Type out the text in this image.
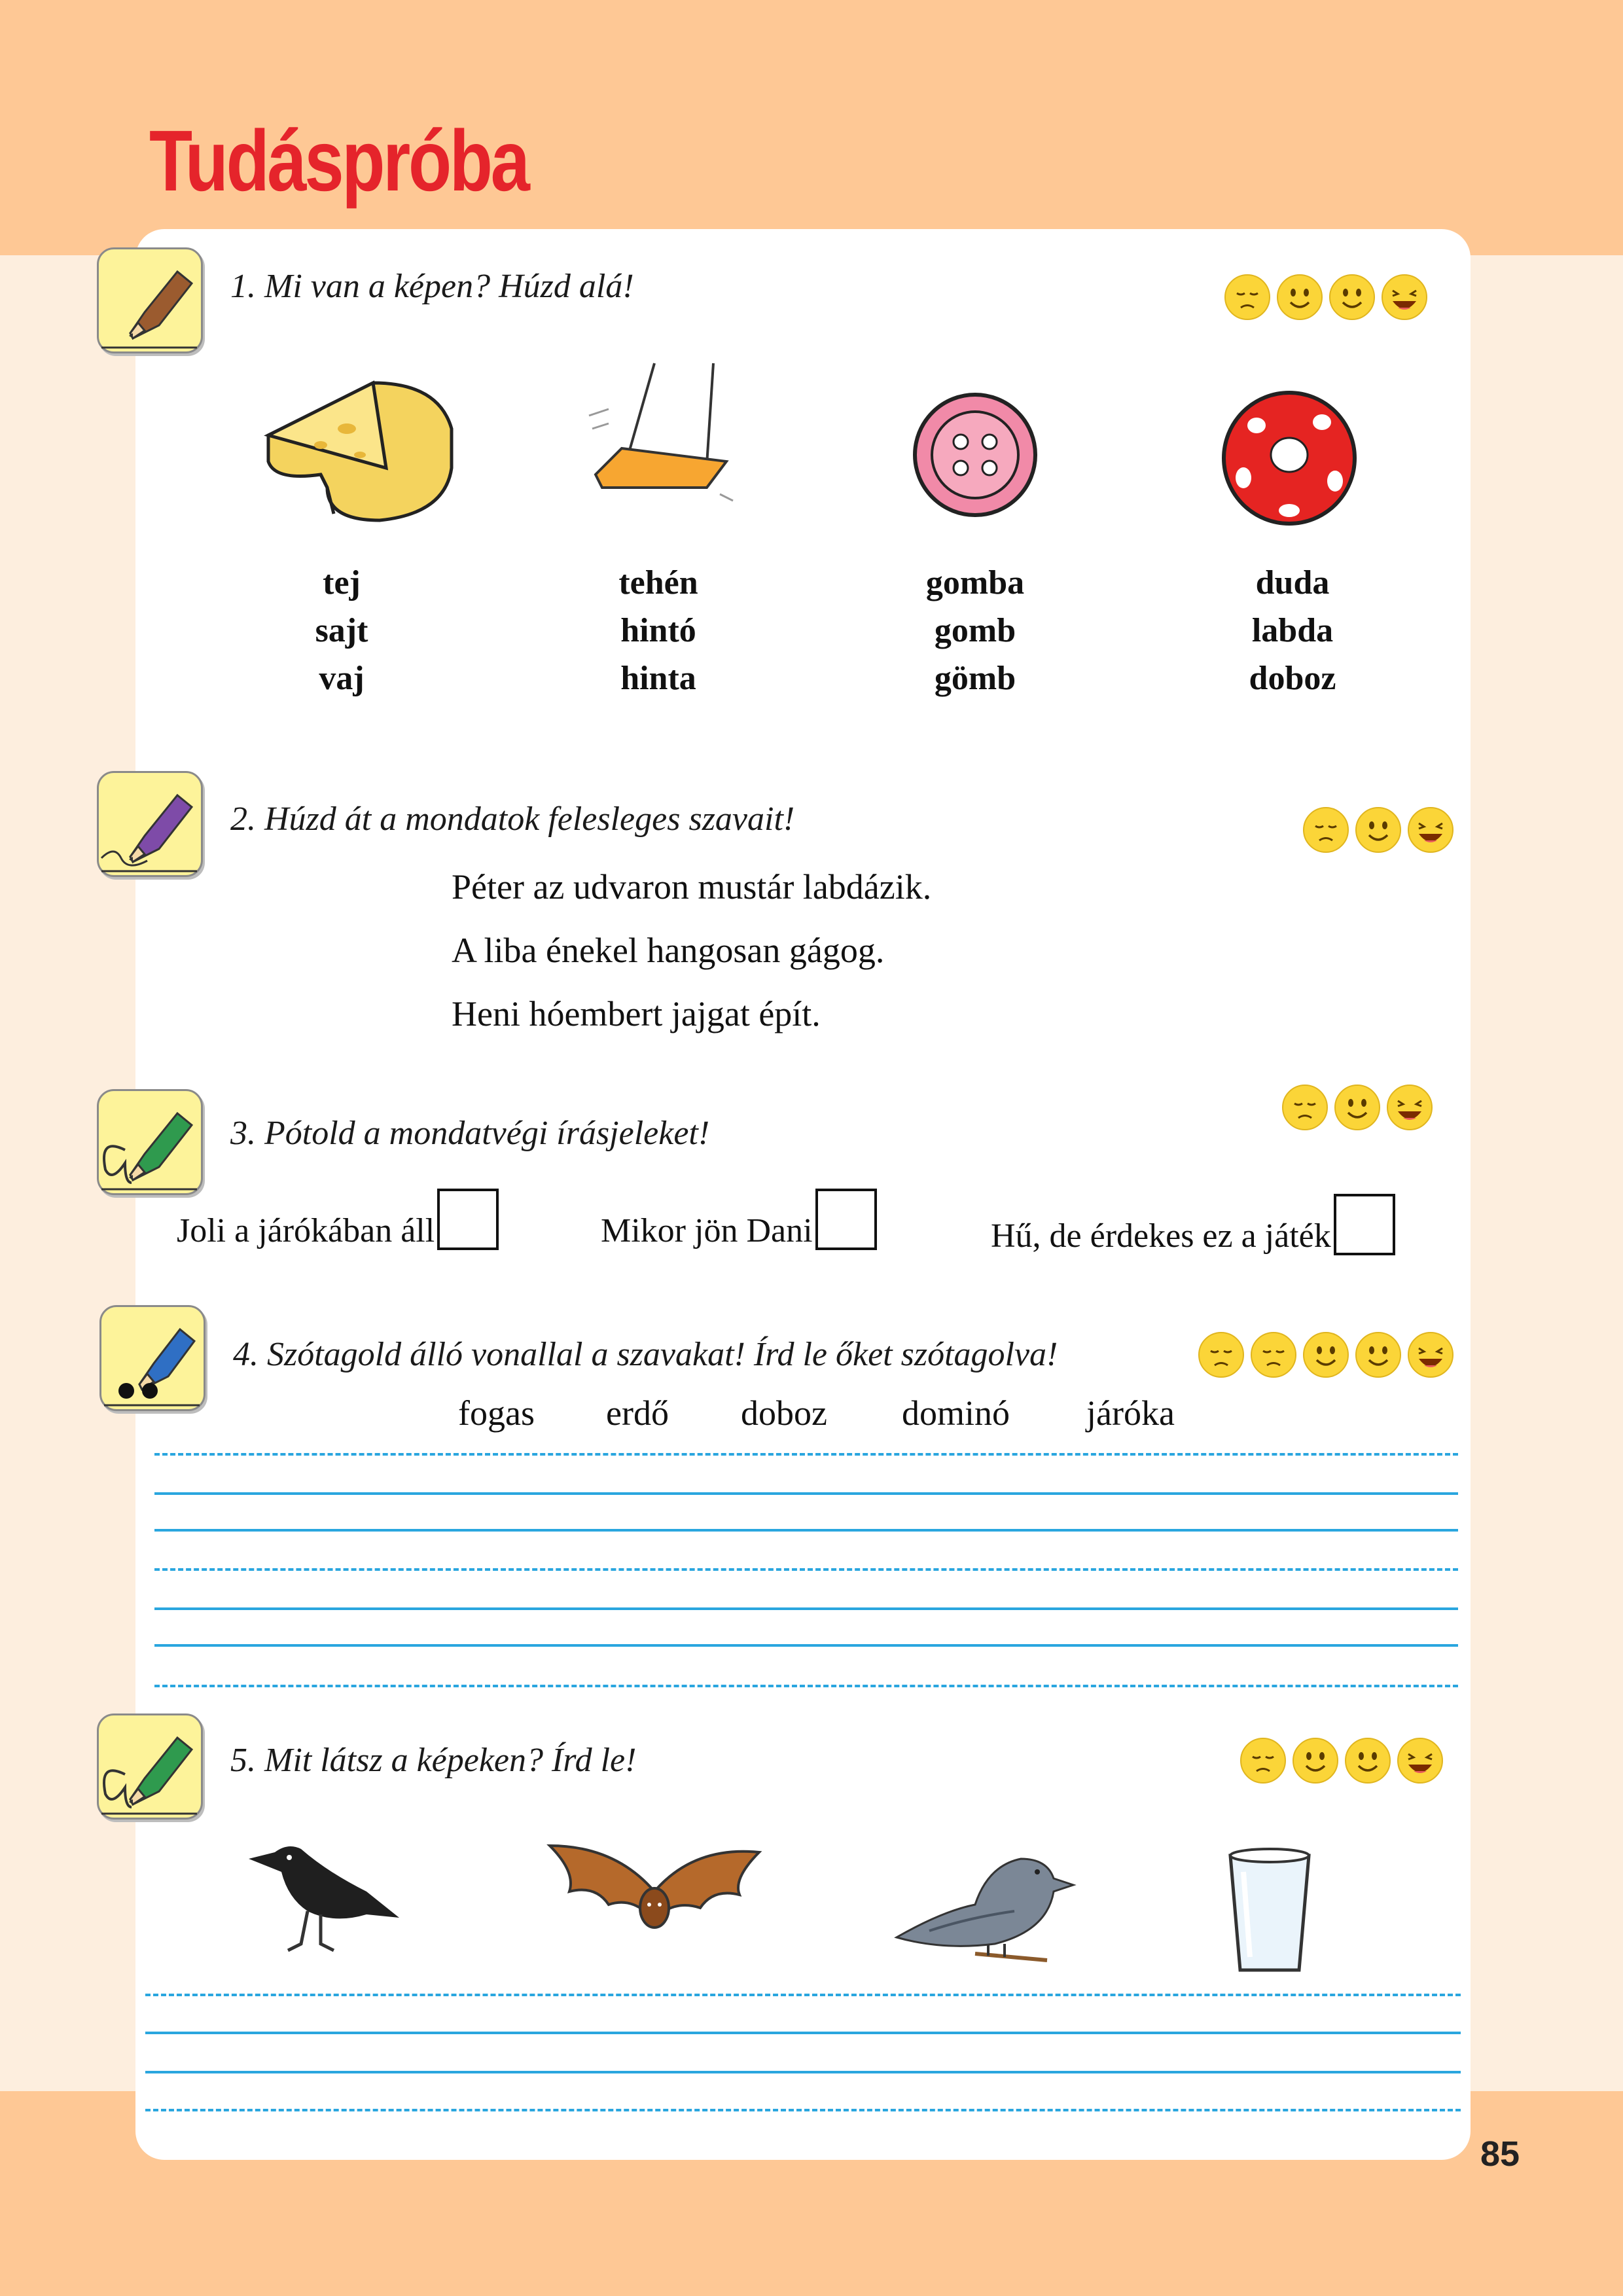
Tudáspróba

1. Mi van a képen? Húzd alá!

tej
sajt
vaj
tehén
hintó
hinta
gomba
gomb
gömb
duda
labda
doboz

2. Húzd át a mondatok felesleges szavait!

Péter az udvaron mustár labdázik.

A liba énekel hangosan gágog.

Heni hóembert jajgat épít.

3. Pótold a mondatvégi írásjeleket!

Joli a járókában áll	Mikor jön Dani	Hű, de érdekes ez a játék

4. Szótagold álló vonallal a szavakat! Írd le őket szótagolva!

fogas erdő doboz dominó járóka

5. Mit látsz a képeken? Írd le!

85
